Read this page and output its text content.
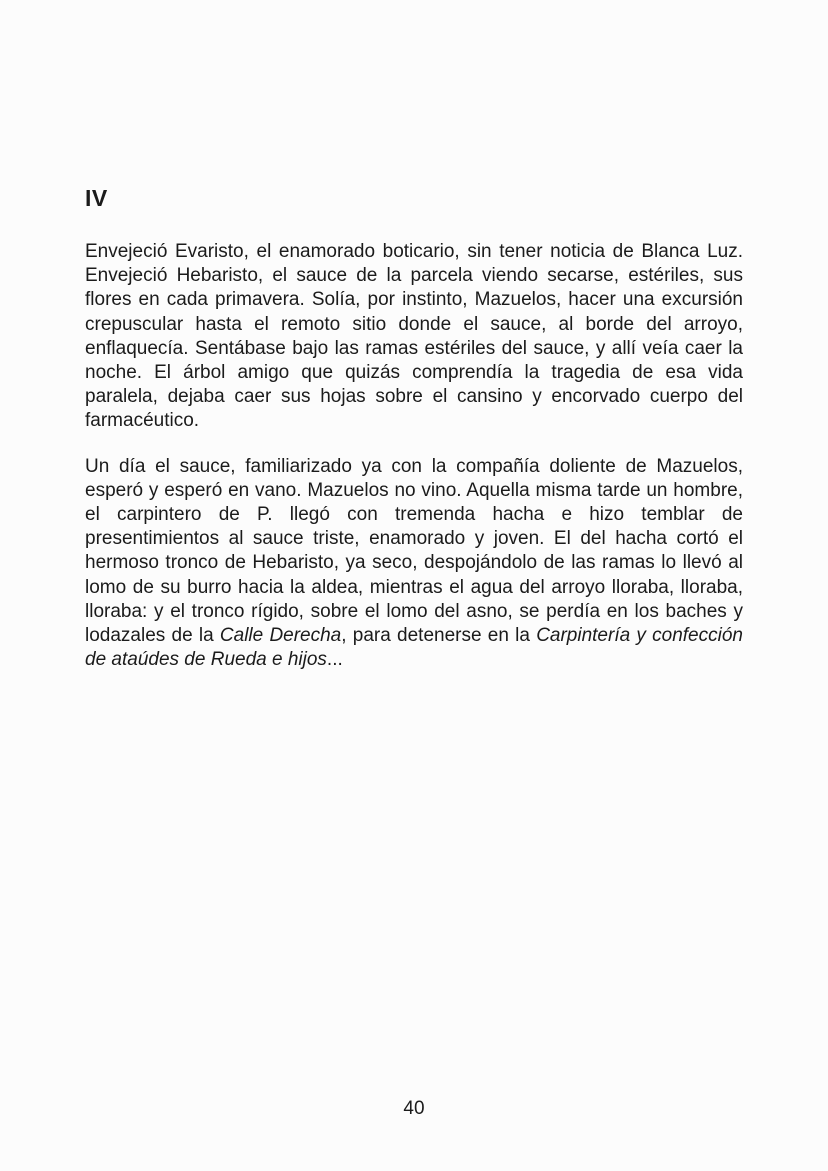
IV

Envejeció Evaristo, el enamorado boticario, sin tener noticia de Blanca Luz. Envejeció Hebaristo, el sauce de la parcela viendo secarse, estériles, sus flores en cada primavera. Solía, por instinto, Mazuelos, hacer una excursión crepuscular hasta el remoto sitio donde el sauce, al borde del arroyo, enflaquecía. Sentábase bajo las ramas estériles del sauce, y allí veía caer la noche. El árbol amigo que quizás comprendía la tragedia de esa vida paralela, dejaba caer sus hojas sobre el cansino y encorvado cuerpo del farmacéutico.

Un día el sauce, familiarizado ya con la compañía doliente de Mazuelos, esperó y esperó en vano. Mazuelos no vino. Aquella misma tarde un hombre, el carpintero de P. llegó con tremenda hacha e hizo temblar de presentimientos al sauce triste, enamorado y joven. El del hacha cortó el hermoso tronco de Hebaristo, ya seco, despojándolo de las ramas lo llevó al lomo de su burro hacia la aldea, mientras el agua del arroyo lloraba, lloraba, lloraba: y el tronco rígido, sobre el lomo del asno, se perdía en los baches y lodazales de la Calle Derecha, para detenerse en la Carpintería y confección de ataúdes de Rueda e hijos...

40
